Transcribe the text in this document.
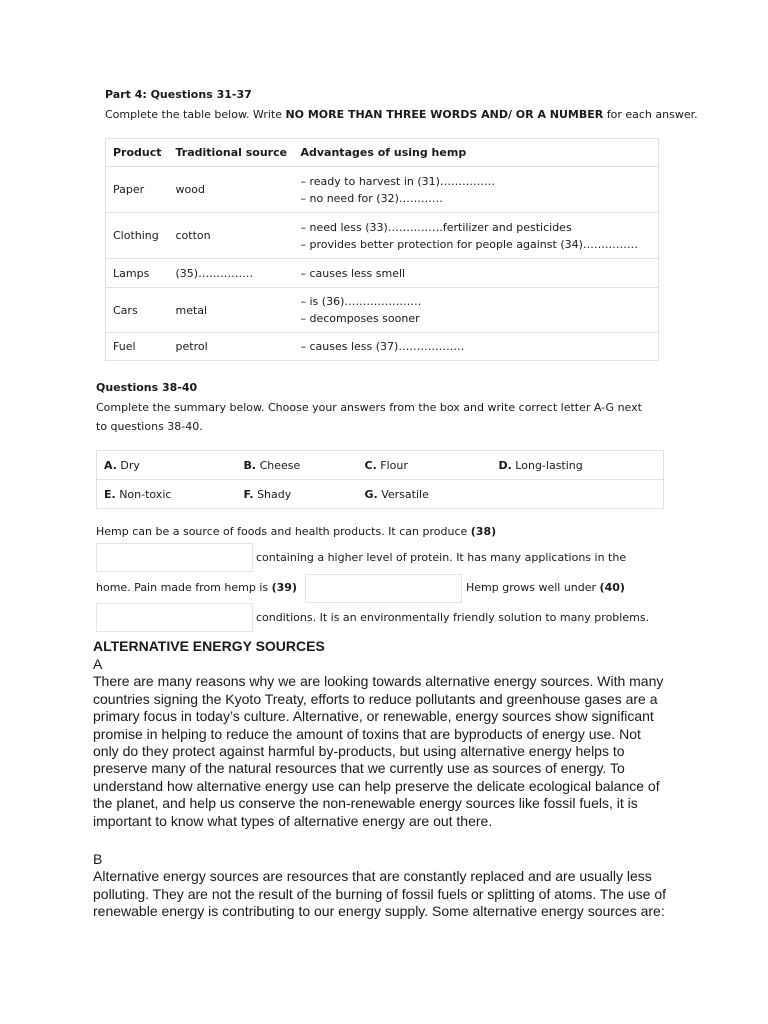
Part 4: Questions 31-37
Complete the table below. Write NO MORE THAN THREE WORDS AND/ OR A NUMBER for each answer.
Product	Traditional source	Advantages of using hemp
Paper	wood	– ready to harvest in (31)……………
– no need for (32)…………

Clothing	cotton	– need less (33)……………fertilizer and pesticides
– provides better protection for people against (34)……………

Lamps	(35)……………	– causes less smell

Cars	metal	– is (36)…………………
– decomposes sooner

Fuel	petrol	– causes less (37)………………
Questions 38-40
Complete the summary below. Choose your answers from the box and write correct letter A-G next
to questions 38-40.
A. Dry	B. Cheese	C. Flour	D. Long-lasting
E. Non-toxic	F. Shady	G. Versatile	
Hemp can be a source of foods and health products. It can produce (38)
containing a higher level of protein. It has many applications in the
home. Pain made from hemp is (39)	Hemp grows well under (40)
conditions. It is an environmentally friendly solution to many problems.
ALTERNATIVE ENERGY SOURCES
A
There are many reasons why we are looking towards alternative energy sources. With many
countries signing the Kyoto Treaty, efforts to reduce pollutants and greenhouse gases are a
primary focus in today’s culture. Alternative, or renewable, energy sources show significant
promise in helping to reduce the amount of toxins that are byproducts of energy use. Not
only do they protect against harmful by-products, but using alternative energy helps to
preserve many of the natural resources that we currently use as sources of energy. To
understand how alternative energy use can help preserve the delicate ecological balance of
the planet, and help us conserve the non-renewable energy sources like fossil fuels, it is
important to know what types of alternative energy are out there.
B
Alternative energy sources are resources that are constantly replaced and are usually less
polluting. They are not the result of the burning of fossil fuels or splitting of atoms. The use of
renewable energy is contributing to our energy supply. Some alternative energy sources are:
